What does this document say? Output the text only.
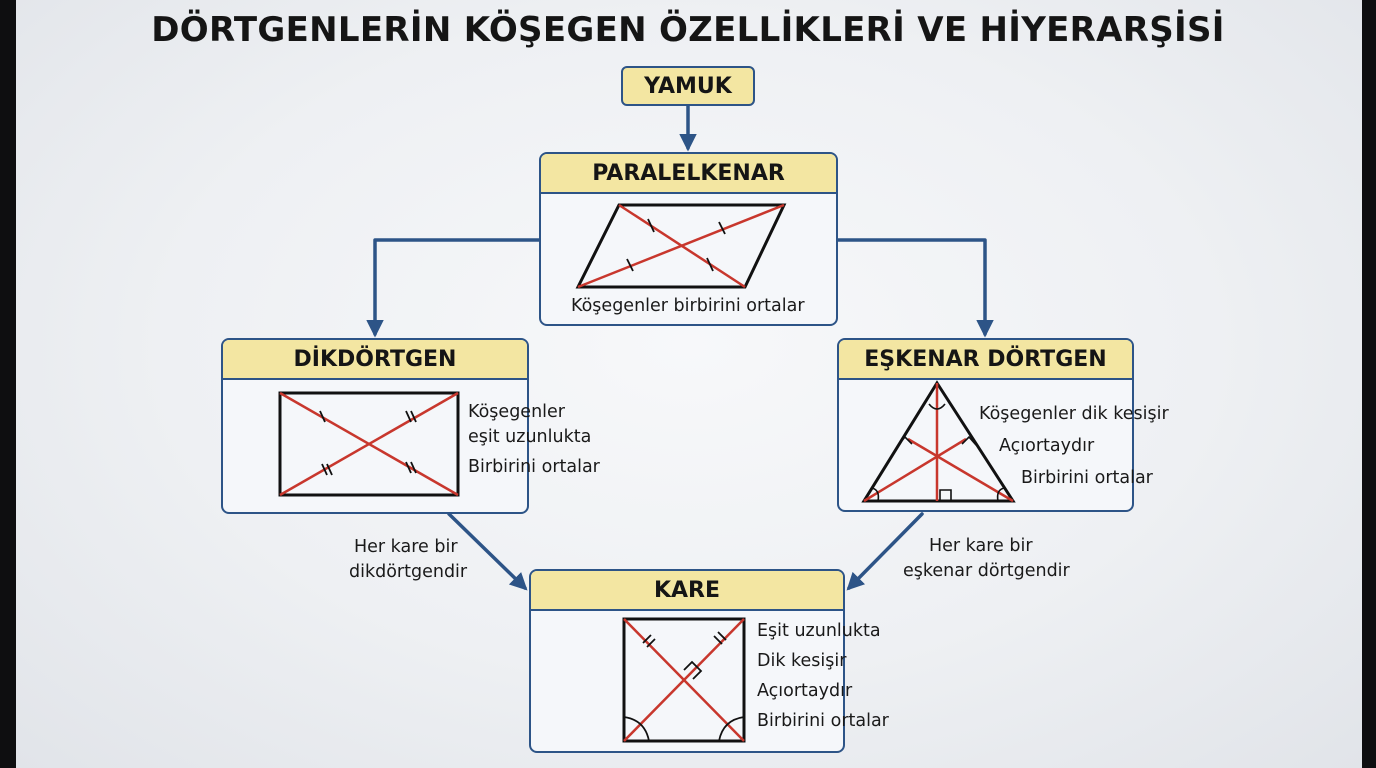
DÖRTGENLERİN KÖŞEGEN ÖZELLİKLERİ VE HİYERARŞİSİ
YAMUK
PARALELKENAR
DİKDÖRTGEN	EŞKENAR DÖRTGEN
KARE
Köşegenler birbirini ortalar
Köşegenler
eşit uzunlukta
Birbirini ortalar
Köşegenler dik kesişir
Açıortaydır
Birbirini ortalar
Eşit uzunlukta
Dik kesişir
Açıortaydır
Birbirini ortalar
Her kare bir
dikdörtgendir
Her kare bir
eşkenar dörtgendir
